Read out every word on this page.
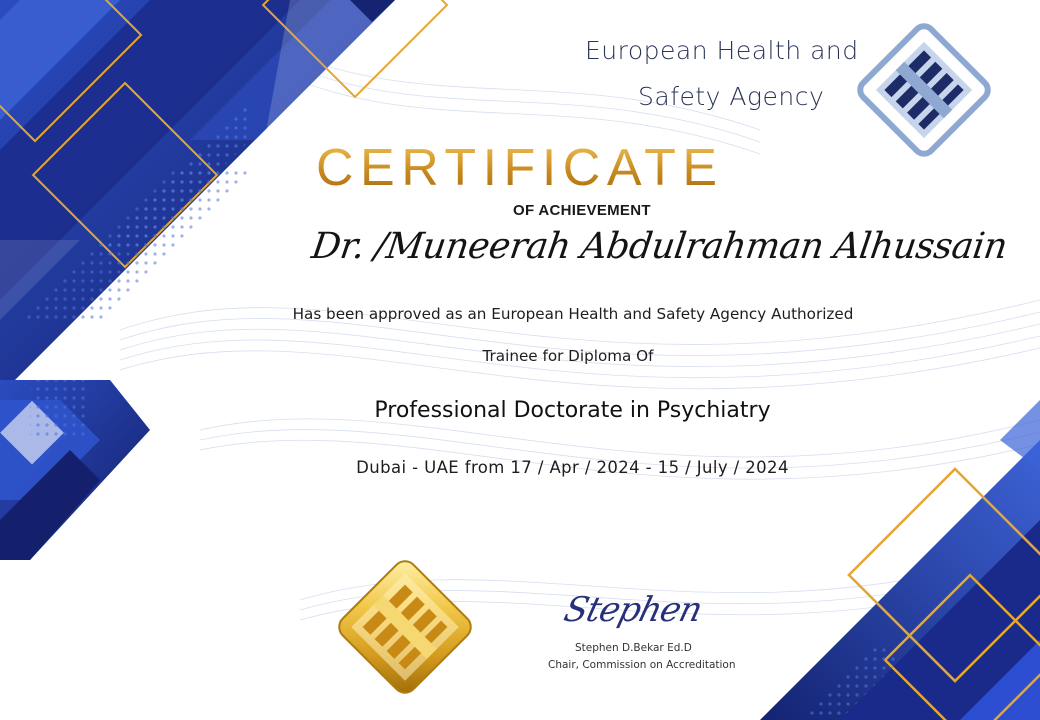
European Health and
Safety Agency
CERTIFICATE
OF ACHIEVEMENT
Dr. /Muneerah Abdulrahman Alhussain
Has been approved as an European Health and Safety Agency Authorized
Trainee for Diploma Of
Professional Doctorate in Psychiatry
Dubai - UAE from 17 / Apr / 2024 - 15 / July / 2024
Stephen
Stephen D.Bekar Ed.D
Chair, Commission on Accreditation
